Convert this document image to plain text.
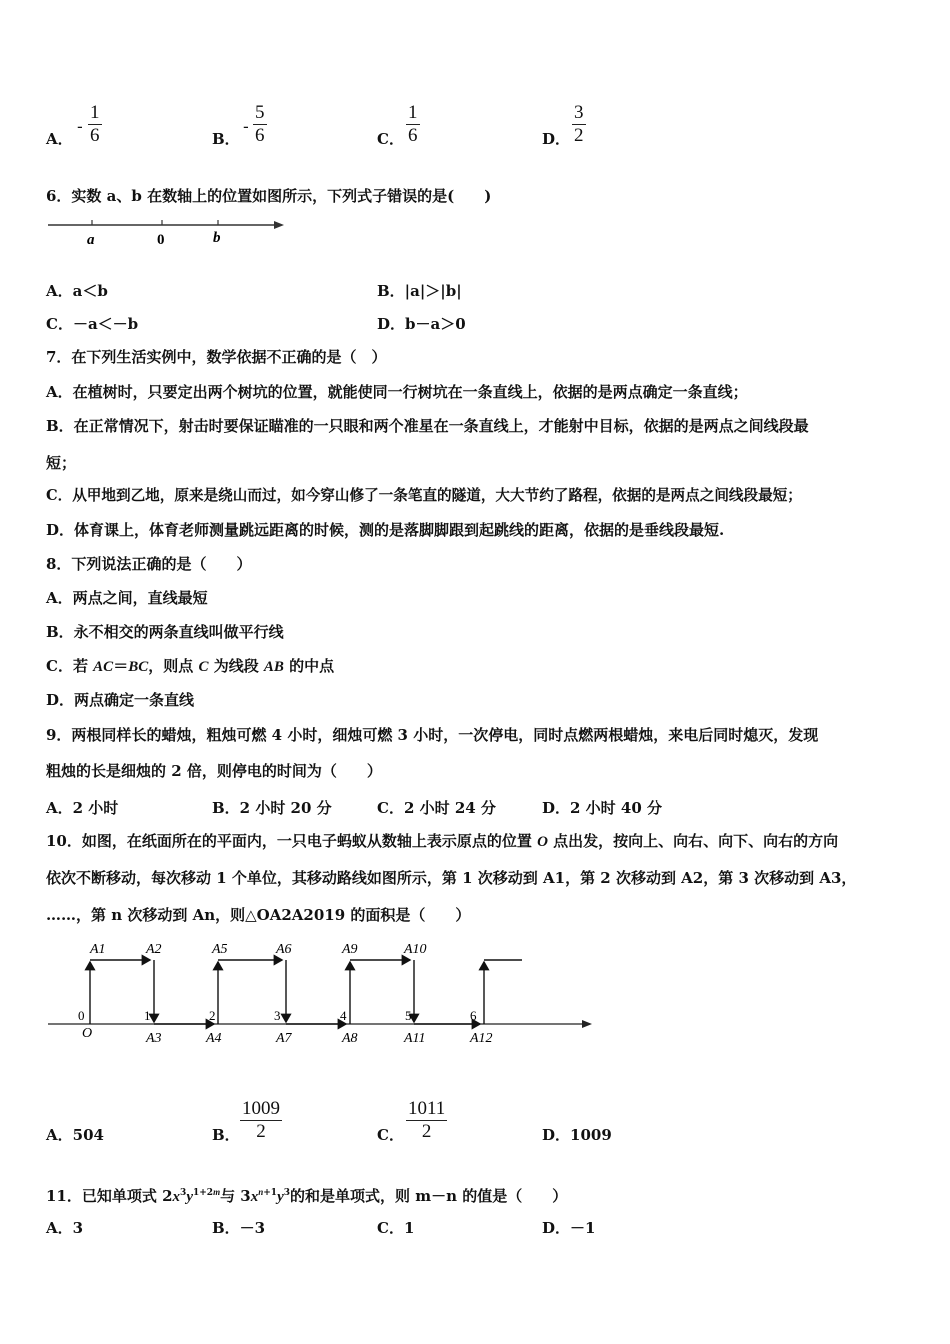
A．
-
1
6	B．
-
5
6	C．
1
6	D．
3
2
6．实数 a、b 在数轴上的位置如图所示，下列式子错误的是(　　)
a	0	b
A．a＜b	B．|a|＞|b|
C．－a＜－b	D．b－a＞0
7．在下列生活实例中，数学依据不正确的是（　）
A．在植树时，只要定出两个树坑的位置，就能使同一行树坑在一条直线上，依据的是两点确定一条直线；
B．在正常情况下，射击时要保证瞄准的一只眼和两个准星在一条直线上，才能射中目标，依据的是两点之间线段最
短；
C．从甲地到乙地，原来是绕山而过，如今穿山修了一条笔直的隧道，大大节约了路程，依据的是两点之间线段最短；
D．体育课上，体育老师测量跳远距离的时候，测的是落脚脚跟到起跳线的距离，依据的是垂线段最短.
8．下列说法正确的是（　　）
A．两点之间，直线最短
B．永不相交的两条直线叫做平行线
C．若 AC＝BC，则点 C 为线段 AB 的中点
D．两点确定一条直线
9．两根同样长的蜡烛，粗烛可燃 4 小时，细烛可燃 3 小时，一次停电，同时点燃两根蜡烛，来电后同时熄灭，发现
粗烛的长是细烛的 2 倍，则停电的时间为（　　）
A．2 小时	B．2 小时 20 分	C．2 小时 24 分	D．2 小时 40 分
10．如图，在纸面所在的平面内，一只电子蚂蚁从数轴上表示原点的位置 O 点出发，按向上、向右、向下、向右的方向
依次不断移动，每次移动 1 个单位，其移动路线如图所示，第 1 次移动到 A1，第 2 次移动到 A2，第 3 次移动到 A3，
……，第 n 次移动到 An，则△OA2A2019 的面积是（　　）
0	1	2	3	4	5	6
O
A1	A2	A5	A6	A9	A10
A3	A4	A7	A8	A11	A12
A．504	B．
1009
2	C．
1011
2	D．1009
11．已知单项式 $2x^3y^{1+2m}$与 $3x^{n+1}y^3$的和是单项式，则 m－n 的值是（　　）
A．3	B．－3	C．1	D．－1
